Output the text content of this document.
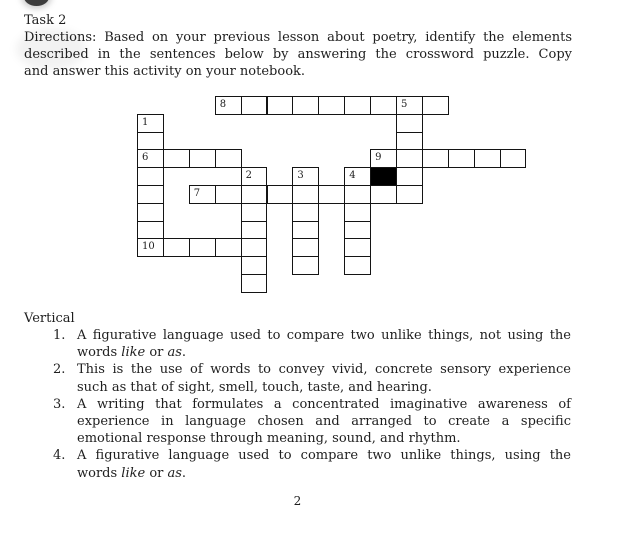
Task 2
Directions: Based on your previous lesson about poetry, identify the elements
described in the sentences below by answering the crossword puzzle. Copy
and answer this activity on your notebook.
8	5
1
6	9
2	3	4
7
10
Vertical
1. A figurative language used to compare two unlike things, not using the
words like or as.
2. This is the use of words to convey vivid, concrete sensory experience
such as that of sight, smell, touch, taste, and hearing.
3. A writing that formulates a concentrated imaginative awareness of
experience in language chosen and arranged to create a specific
emotional response through meaning, sound, and rhythm.
4. A figurative language used to compare two unlike things, using the
words like or as.
2
